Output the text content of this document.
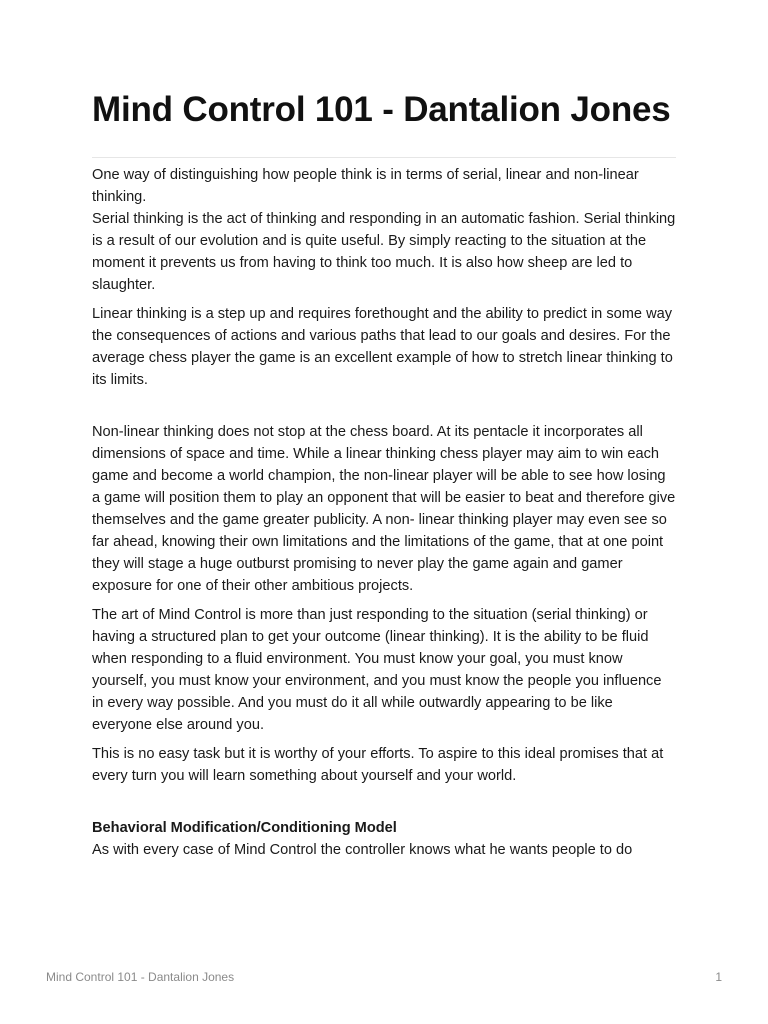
Mind Control 101 - Dantalion Jones

One way of distinguishing how people think is in terms of serial, linear and non-linear thinking.

Serial thinking is the act of thinking and responding in an automatic fashion. Serial thinking is a result of our evolution and is quite useful. By simply reacting to the situation at the moment it prevents us from having to think too much. It is also how sheep are led to slaughter.

Linear thinking is a step up and requires forethought and the ability to predict in some way the consequences of actions and various paths that lead to our goals and desires. For the average chess player the game is an excellent example of how to stretch linear thinking to its limits.

Non-linear thinking does not stop at the chess board. At its pentacle it incorporates all dimensions of space and time. While a linear thinking chess player may aim to win each game and become a world champion, the non-linear player will be able to see how losing a game will position them to play an opponent that will be easier to beat and therefore give themselves and the game greater publicity. A non- linear thinking player may even see so far ahead, knowing their own limitations and the limitations of the game, that at one point they will stage a huge outburst promising to never play the game again and gamer exposure for one of their other ambitious projects.

The art of Mind Control is more than just responding to the situation (serial thinking) or having a structured plan to get your outcome (linear thinking). It is the ability to be fluid when responding to a fluid environment. You must know your goal, you must know yourself, you must know your environment, and you must know the people you influence in every way possible. And you must do it all while outwardly appearing to be like everyone else around you.

This is no easy task but it is worthy of your efforts. To aspire to this ideal promises that at every turn you will learn something about yourself and your world.

Behavioral Modification/Conditioning Model

As with every case of Mind Control the controller knows what he wants people to do

Mind Control 101 - Dantalion Jones	1
